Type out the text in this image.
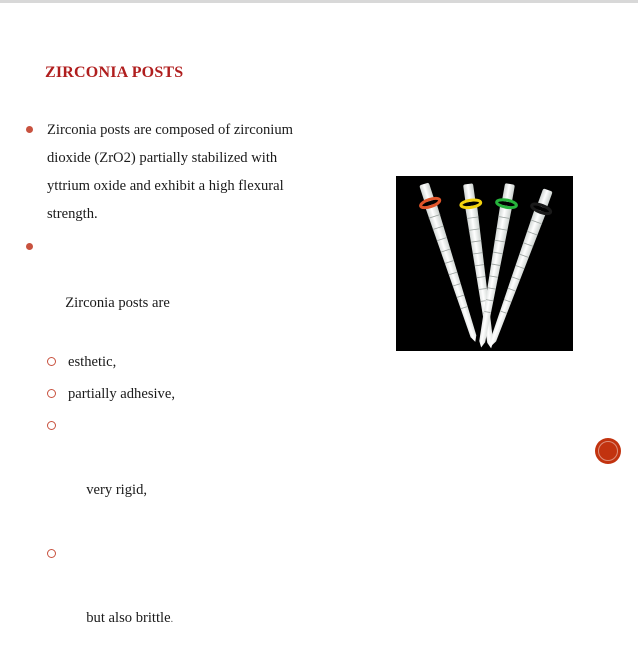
ZIRCONIA POSTS
Zirconia posts are composed of zirconium
dioxide (ZrO2) partially stabilized with
yttrium oxide and exhibit a high flexural
strength.

Zirconia posts are

esthetic,
partially adhesive,

very rigid,

but also brittle.
